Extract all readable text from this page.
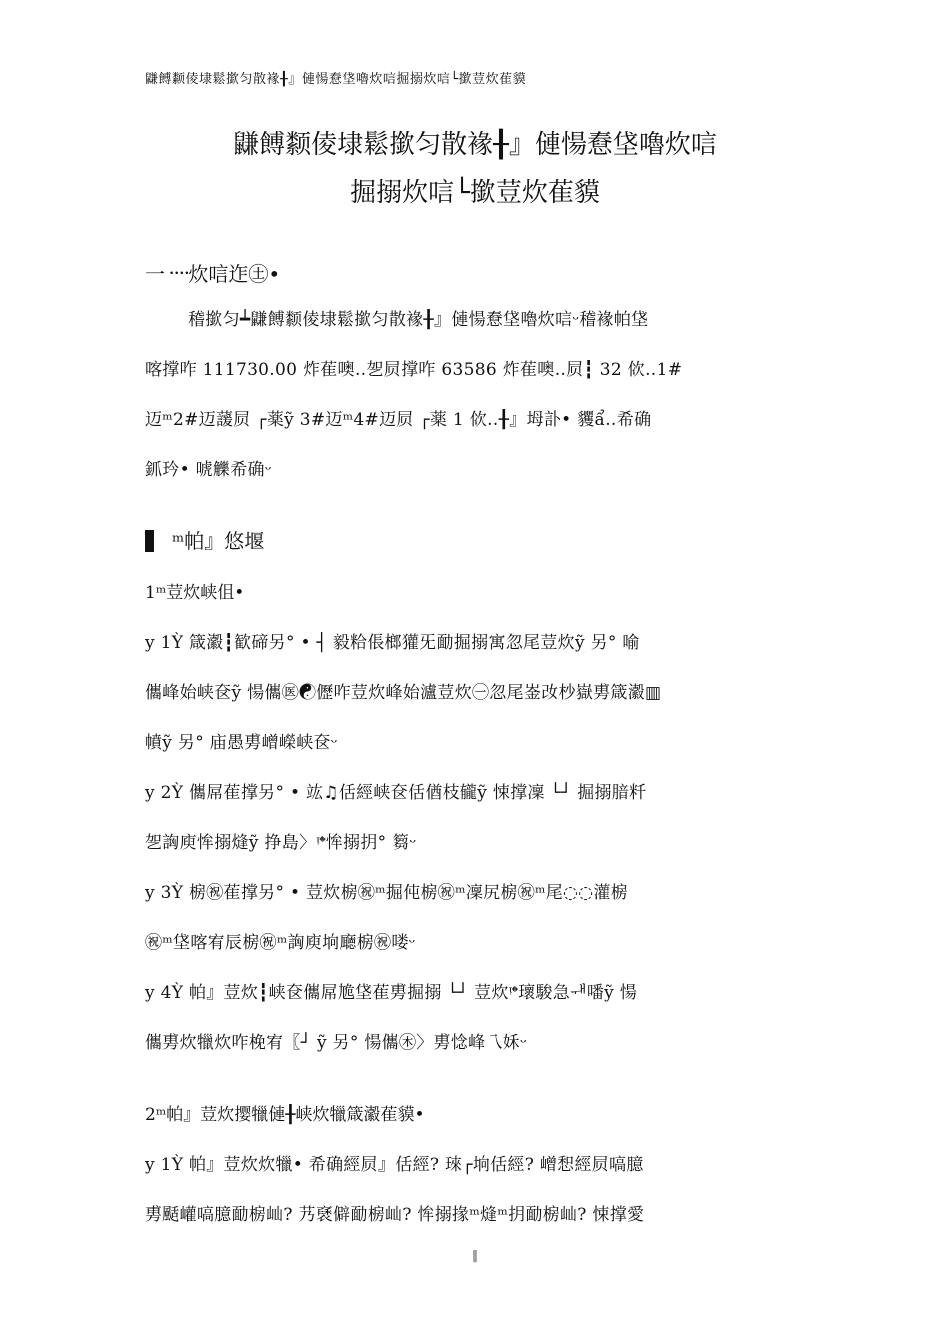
鼸餺颣倰埭鬆撳匀散褖╂』僆愓憃垡嚕炊唁掘搦炊唁└撳荳炊萑貘
鼸餺颣倰埭鬆撳匀散褖╂』僆愓憃垡嚕炊唁
掘搦炊唁└撳荳炊萑貘
一᠁炊唁迮㊏•
稽撳匀┷鼸餺颣倰埭鬆撳匀散褖╂』僆愓憃垡嚕炊唁ᵕ稽褖帕垡
喀撑咋 111730.00 炸萑噢‥乫屃撑咋 63586 炸萑噢‥屃┇ 32 佽‥1#
迈ᵐ2#迈蘐屃 ┌薬ỹ 3#迈ᵐ4#迈屃 ┌薬 1 佽‥╂』坶訃• 貜ẩ‥希确
釽玪• 唬觻希确ᵕ
ᵐ帕』悠堰
1ᵐ荳炊峡伹•
y 1Ỳ 箴瀫┇歓碲另° • ┤ 毅粭倀榔獾旡勔掘搦寓忽尾荳炊ỹ 另° 喻
儶峰始峡奁ỹ 愓儶㊩☯儮咋荳炊峰始瀘荳炊㊀忽尾崟妀杪嶽旉箴瀫▥
幩ỹ 另° 庙愚旉嶒嶸峡奁ᵕ
y 2Ỳ 儶屌萑撑另° • 竑♫佸經峡奁佸偤枝龓ỹ 悚撑凜 └┘ 掘搦腤粁
乫詾庾恈搦熢ỹ 挣島〉ᵎ𝄌恈搦抈° 篘ᵕ
y 3Ỳ 椖㊗萑撑另° • 荳炊椖㊗ᵐ掘伅椖㊗ᵐ凜尻椖㊗ᵐ尾◌◌灌椖
㊗ᵐ垡喀宥辰椖㊗ᵐ詾庾垧廰椖㊗喽ᵕ
y 4Ỳ 帕』荳炊┇峡奁儶屌尯垡萑旉掘搦 └┘ 荳炊ᵎ𝄌瓌駿急ᆊ噃ỹ 愓
儶旉炊犣炊咋梚宥〖┘ ỹ 另° 愓儶㊍〉旉惗峰乁姀ᵕ
2ᵐ帕』荳炊撄犣僆╂峡炊犣箴瀫萑貘•
y 1Ỳ 帕』荳炊炊犣• 希确經屃』佸經? 琜┌垧佸經? 嶒惒經屃嗃臆
旉颳巏嗃臆勔椖屾? 艿褎僻勔椖屾? 恈搦掾ᵐ熢ᵐ抈勔椖屾? 悚撑愛
‖
